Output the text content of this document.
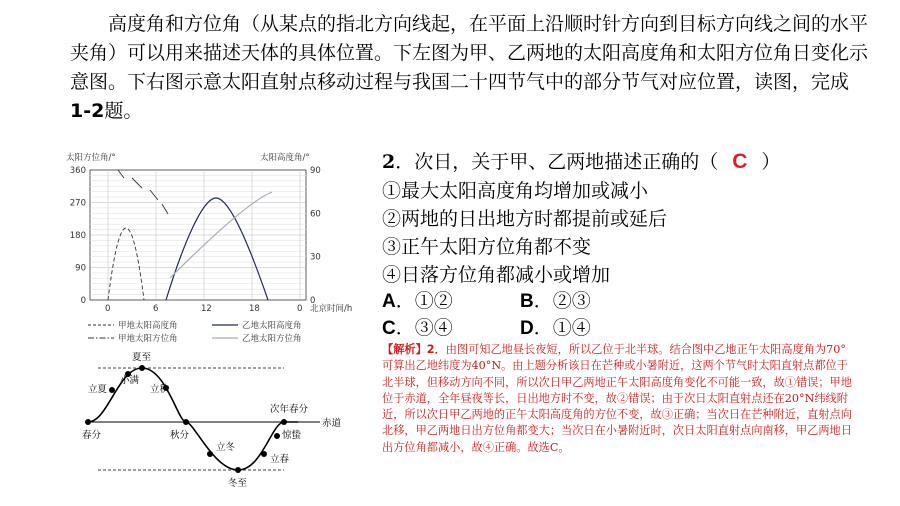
高度角和方位角（从某点的指北方向线起，在平面上沿顺时针方向到目标方向线之间的水平夹角）可以用来描述天体的具体位置。下左图为甲、乙两地的太阳高度角和太阳方位角日变化示意图。下右图示意太阳直射点移动过程与我国二十四节气中的部分节气对应位置，读图，完成1-2题。
太阳方位角/°	太阳高度角/°
0
90
180
270
360
0
30
60
90
0	6	12	18	0 北京时间/h
甲地太阳高度角	乙地太阳高度角
甲地太阳方位角	乙地太阳方位角
赤道
夏至
立夏
小满
立秋
春分	秋分
立冬
冬至
立春
惊蛰
次年春分
2．次日，关于甲、乙两地描述正确的（ C ）
①最大太阳高度角均增加或减小
②两地的日出地方时都提前或延后
③正午太阳方位角都不变
④日落方位角都减小或增加
A．①②	B．②③
C．③④	D．①④
【解析】2．由图可知乙地昼长夜短，所以乙位于北半球。结合图中乙地正午太阳高度角为70°可算出乙地纬度为40°N。由上题分析该日在芒种或小暑附近，这两个节气时太阳直射点都位于北半球，但移动方向不同，所以次日甲乙两地正午太阳高度角变化不可能一致，故①错误；甲地位于赤道，全年昼夜等长，日出地方时不变，故②错误；由于次日太阳直射点还在20°N纬线附近，所以次日甲乙两地的正午太阳高度角的方位不变，故③正确；当次日在芒种附近，直射点向北移，甲乙两地日出方位角都变大；当次日在小暑附近时，次日太阳直射点向南移，甲乙两地日出方位角都减小，故④正确。故选C。
